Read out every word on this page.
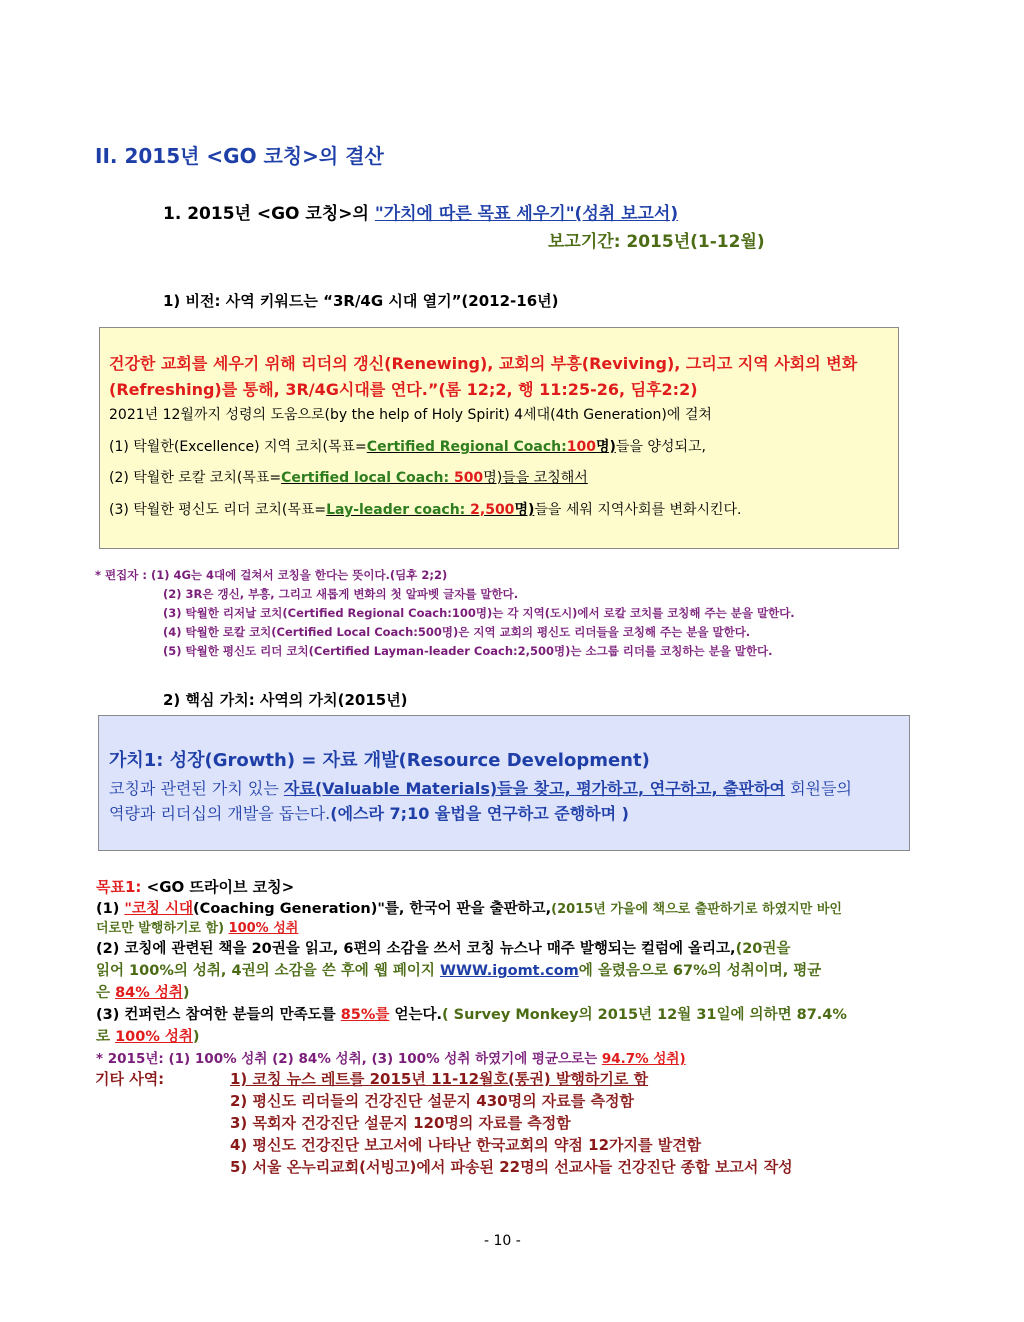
II. 2015년 <GO 코칭>의 결산
1. 2015년 <GO 코칭>의 "가치에 따른 목표 세우기"(성취 보고서)
보고기간: 2015년(1-12월)
1) 비전: 사역 키워드는 “3R/4G 시대 열기”(2012-16년)
건강한 교회를 세우기 위해 리더의 갱신(Renewing), 교회의 부흥(Reviving), 그리고 지역 사회의 변화
(Refreshing)를 통해, 3R/4G시대를 연다.”(롬 12;2, 행 11:25-26, 딤후2:2)
2021년 12월까지 성령의 도움으로(by the help of Holy Spirit) 4세대(4th Generation)에 걸쳐
(1) 탁월한(Excellence) 지역 코치(목표=Certified Regional Coach:100명)들을 양성되고,
(2) 탁월한 로칼 코치(목표=Certified local Coach: 500명)들을 코칭해서
(3) 탁월한 평신도 리더 코치(목표=Lay-leader coach: 2,500명)들을 세워 지역사회를 변화시킨다.
* 편집자 : (1) 4G는 4대에 걸쳐서 코칭을 한다는 뜻이다.(딤후 2;2)
(2) 3R은 갱신, 부흥, 그리고 새롭게 변화의 첫 알파벳 글자를 말한다.
(3) 탁월한 리저날 코치(Certified Regional Coach:100명)는 각 지역(도시)에서 로칼 코치를 코칭해 주는 분을 말한다.
(4) 탁월한 로칼 코치(Certified Local Coach:500명)은 지역 교회의 평신도 리더들을 코칭해 주는 분을 말한다.
(5) 탁월한 평신도 리더 코치(Certified Layman-leader Coach:2,500명)는 소그룹 리더를 코칭하는 분을 말한다.
2) 핵심 가치: 사역의 가치(2015년)
가치1: 성장(Growth) = 자료 개발(Resource Development)
코칭과 관련된 가치 있는 자료(Valuable Materials)들을 찾고, 평가하고, 연구하고, 출판하여 회원들의
역량과 리더십의 개발을 돕는다.(에스라 7;10 율법을 연구하고 준행하며 )
목표1: <GO 뜨라이브 코칭>
(1) "코칭 시대(Coaching Generation)"를, 한국어 판을 출판하고,(2015년 가을에 책으로 출판하기로 하였지만 바인
더로만 발행하기로 함) 100% 성취
(2) 코칭에 관련된 책을 20권을 읽고, 6편의 소감을 쓰서 코칭 뉴스나 매주 발행되는 컬럼에 올리고,(20권을
읽어 100%의 성취, 4권의 소감을 쓴 후에 웹 페이지 WWW.igomt.com에 올렸음으로 67%의 성취이며, 평균
은 84% 성취)
(3) 컨퍼런스 참여한 분들의 만족도를 85%를 얻는다.( Survey Monkey의 2015년 12월 31일에 의하면 87.4%
로 100% 성취)
* 2015년: (1) 100% 성취 (2) 84% 성취, (3) 100% 성취 하였기에 평균으로는 94.7% 성취)
기타 사역:	1) 코칭 뉴스 레트를 2015년 11-12월호(통권) 발행하기로 함
2) 평신도 리더들의 건강진단 설문지 430명의 자료를 측정함
3) 목회자 건강진단 설문지 120명의 자료를 측정함
4) 평신도 건강진단 보고서에 나타난 한국교회의 약점 12가지를 발견함
5) 서울 온누리교회(서빙고)에서 파송된 22명의 선교사들 건강진단 종합 보고서 작성
- 10 -
